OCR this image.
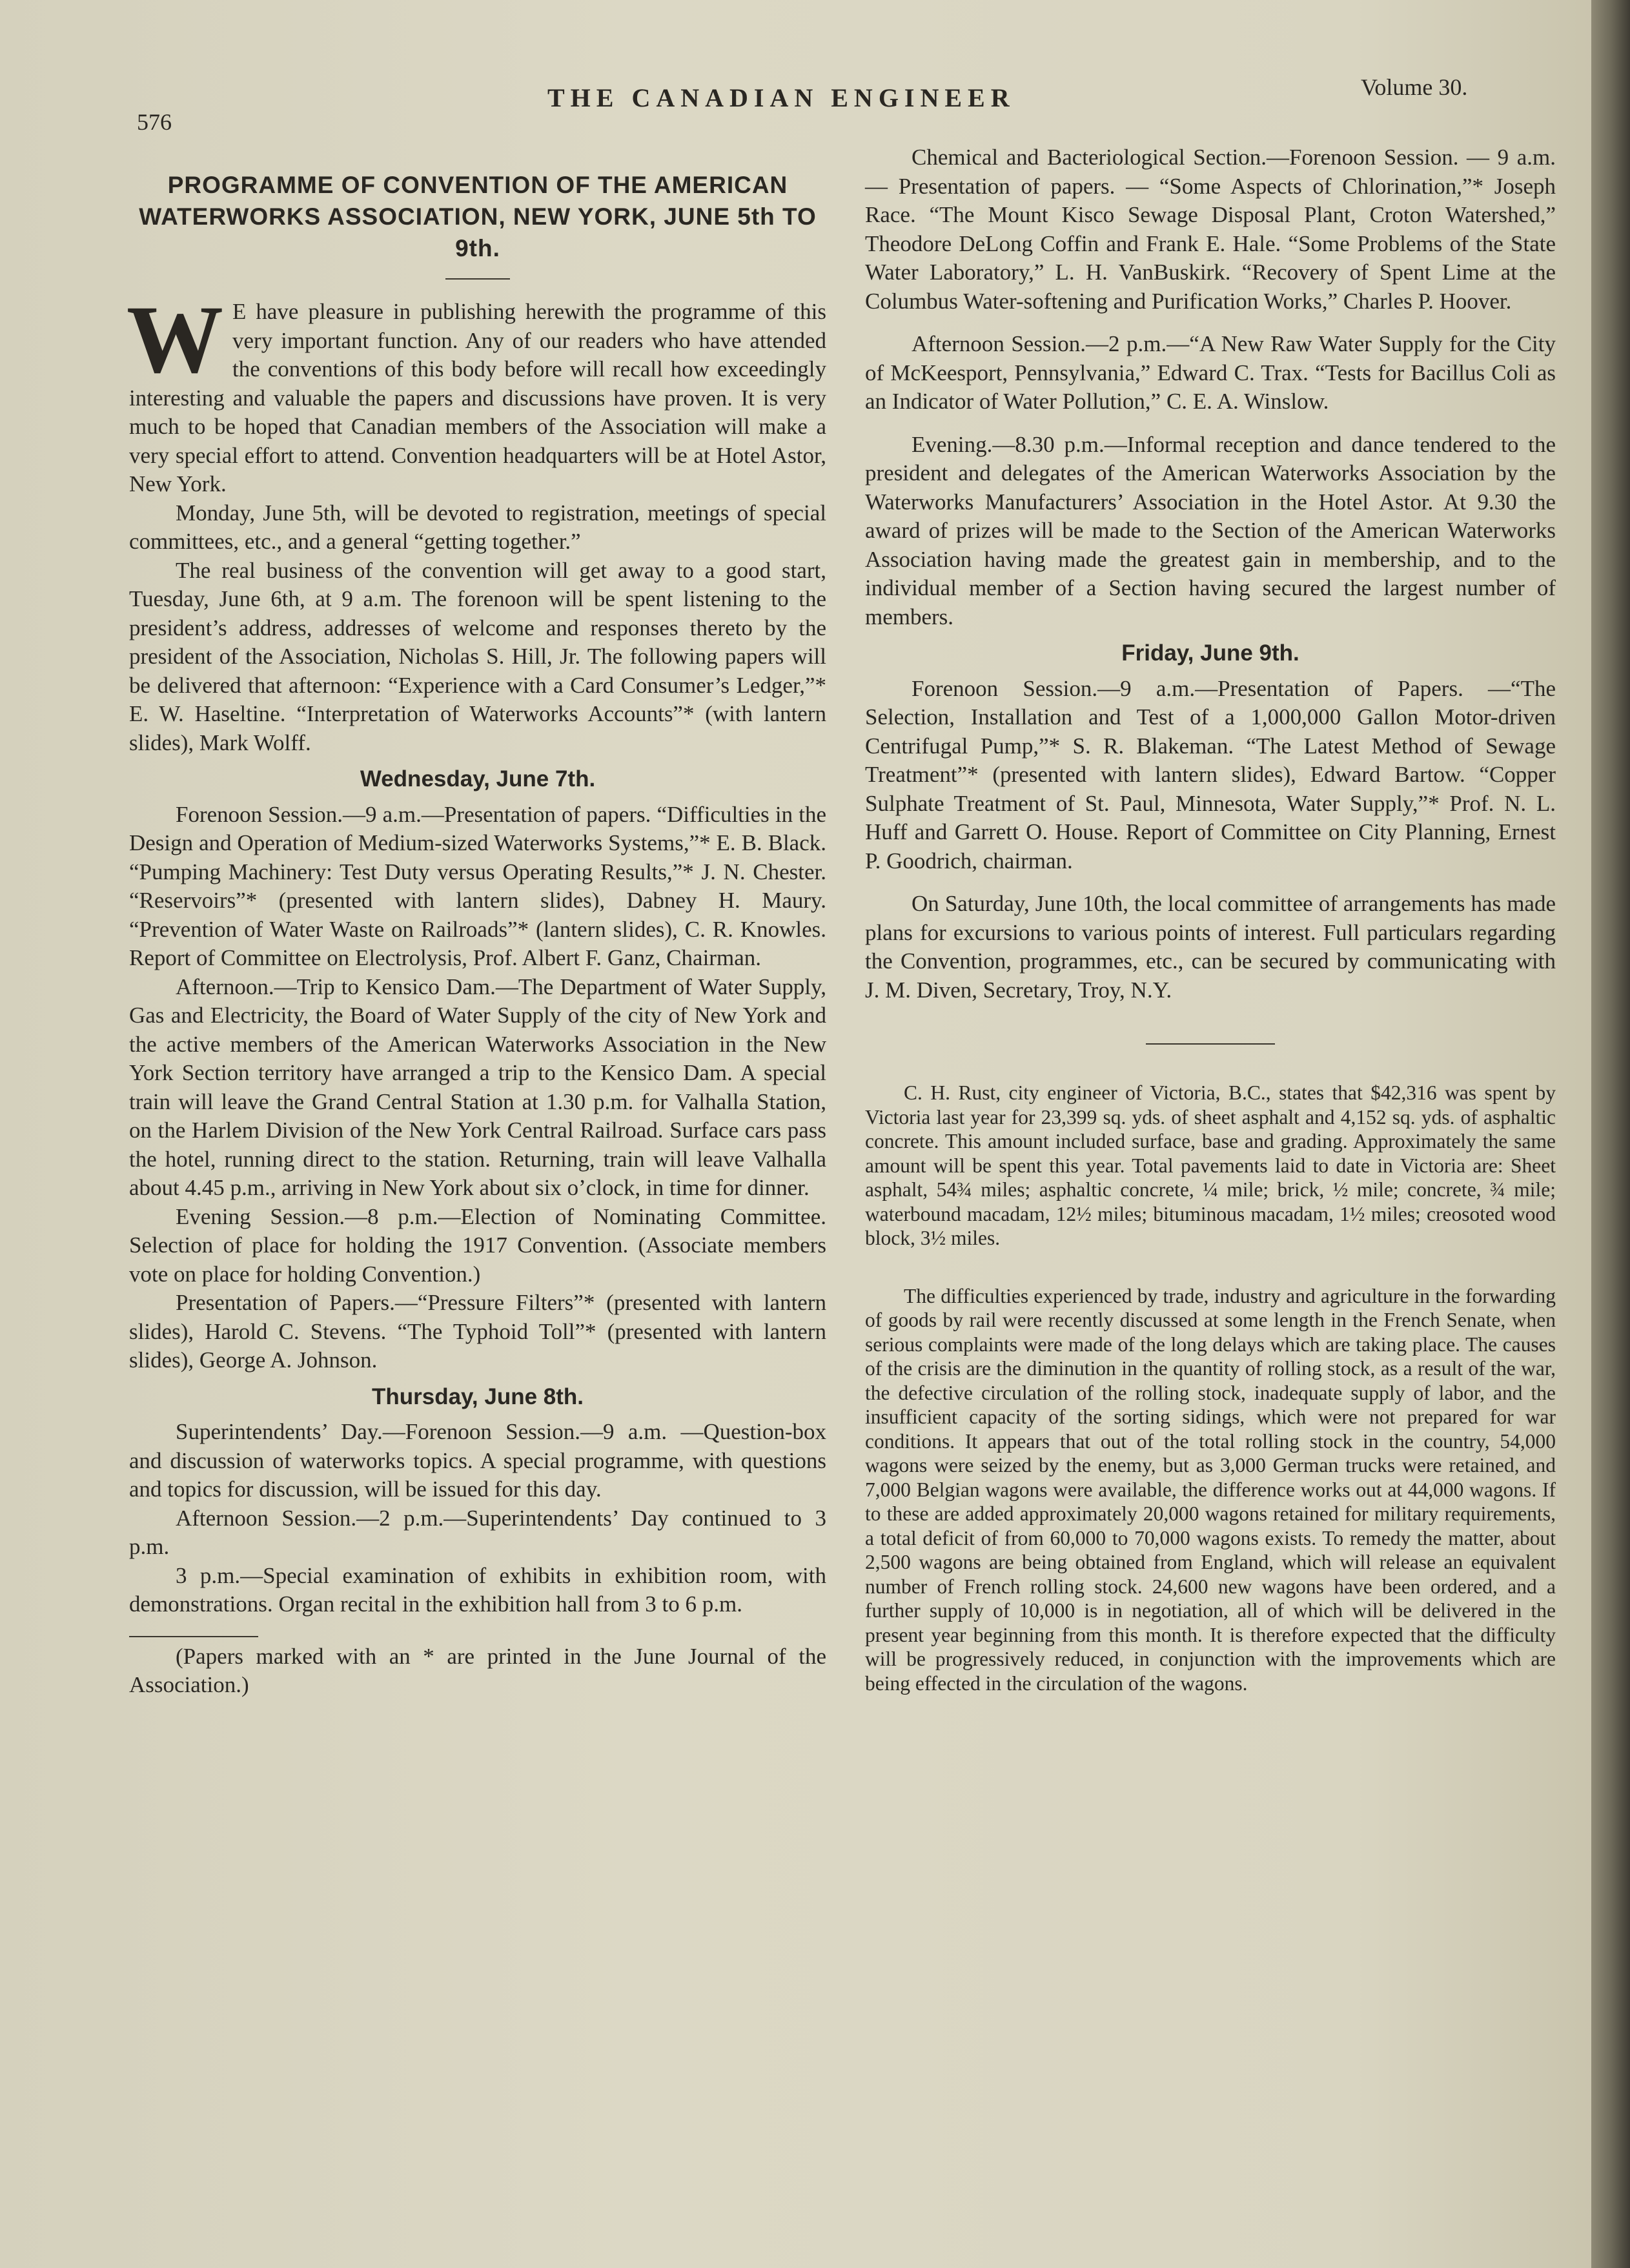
576
THE CANADIAN ENGINEER	Volume 30.
PROGRAMME OF CONVENTION OF THE AMERICAN WATERWORKS ASSOCIATION, NEW YORK, JUNE 5th TO 9th.

W E have pleasure in publishing herewith the programme of this very important function. Any of our readers who have attended the conventions of this body before will recall how exceedingly interesting and valuable the papers and discussions have proven. It is very much to be hoped that Canadian members of the Association will make a very special effort to attend. Convention headquarters will be at Hotel Astor, New York.

Monday, June 5th, will be devoted to registration, meetings of special committees, etc., and a general “getting together.”

The real business of the convention will get away to a good start, Tuesday, June 6th, at 9 a.m. The forenoon will be spent listening to the president’s address, addresses of welcome and responses thereto by the president of the Association, Nicholas S. Hill, Jr. The following papers will be delivered that afternoon: “Experience with a Card Consumer’s Ledger,”* E. W. Haseltine. “Interpretation of Waterworks Accounts”* (with lantern slides), Mark Wolff.

Wednesday, June 7th.

Forenoon Session.—9 a.m.—Presentation of papers. “Difficulties in the Design and Operation of Medium-sized Waterworks Systems,”* E. B. Black. “Pumping Machinery: Test Duty versus Operating Results,”* J. N. Chester. “Reservoirs”* (presented with lantern slides), Dabney H. Maury. “Prevention of Water Waste on Railroads”* (lantern slides), C. R. Knowles. Report of Committee on Electrolysis, Prof. Albert F. Ganz, Chairman.

Afternoon.—Trip to Kensico Dam.—The Department of Water Supply, Gas and Electricity, the Board of Water Supply of the city of New York and the active members of the American Waterworks Association in the New York Section territory have arranged a trip to the Kensico Dam. A special train will leave the Grand Central Station at 1.30 p.m. for Valhalla Station, on the Harlem Division of the New York Central Railroad. Surface cars pass the hotel, running direct to the station. Returning, train will leave Valhalla about 4.45 p.m., arriving in New York about six o’clock, in time for dinner.

Evening Session.—8 p.m.—Election of Nominating Committee. Selection of place for holding the 1917 Convention. (Associate members vote on place for holding Convention.)

Presentation of Papers.—“Pressure Filters”* (presented with lantern slides), Harold C. Stevens. “The Typhoid Toll”* (presented with lantern slides), George A. Johnson.

Thursday, June 8th.

Superintendents’ Day.—Forenoon Session.—9 a.m. —Question-box and discussion of waterworks topics. A special programme, with questions and topics for discussion, will be issued for this day.

Afternoon Session.—2 p.m.—Superintendents’ Day continued to 3 p.m.

3 p.m.—Special examination of exhibits in exhibition room, with demonstrations. Organ recital in the exhibition hall from 3 to 6 p.m.

(Papers marked with an * are printed in the June Journal of the Association.)

Chemical and Bacteriological Section.—Forenoon Session. — 9 a.m. — Presentation of papers. — “Some Aspects of Chlorination,”* Joseph Race. “The Mount Kisco Sewage Disposal Plant, Croton Watershed,” Theodore DeLong Coffin and Frank E. Hale. “Some Problems of the State Water Laboratory,” L. H. VanBuskirk. “Recovery of Spent Lime at the Columbus Water-softening and Purification Works,” Charles P. Hoover.

Afternoon Session.—2 p.m.—“A New Raw Water Supply for the City of McKeesport, Pennsylvania,” Edward C. Trax. “Tests for Bacillus Coli as an Indicator of Water Pollution,” C. E. A. Winslow.

Evening.—8.30 p.m.—Informal reception and dance tendered to the president and delegates of the American Waterworks Association by the Waterworks Manufacturers’ Association in the Hotel Astor. At 9.30 the award of prizes will be made to the Section of the American Waterworks Association having made the greatest gain in membership, and to the individual member of a Section having secured the largest number of members.

Friday, June 9th.

Forenoon Session.—9 a.m.—Presentation of Papers. —“The Selection, Installation and Test of a 1,000,000 Gallon Motor-driven Centrifugal Pump,”* S. R. Blakeman. “The Latest Method of Sewage Treatment”* (presented with lantern slides), Edward Bartow. “Copper Sulphate Treatment of St. Paul, Minnesota, Water Supply,”* Prof. N. L. Huff and Garrett O. House. Report of Committee on City Planning, Ernest P. Goodrich, chairman.

On Saturday, June 10th, the local committee of arrangements has made plans for excursions to various points of interest. Full particulars regarding the Convention, programmes, etc., can be secured by communicating with J. M. Diven, Secretary, Troy, N.Y.

C. H. Rust, city engineer of Victoria, B.C., states that $42,316 was spent by Victoria last year for 23,399 sq. yds. of sheet asphalt and 4,152 sq. yds. of asphaltic concrete. This amount included surface, base and grading. Approximately the same amount will be spent this year. Total pavements laid to date in Victoria are: Sheet asphalt, 54¾ miles; asphaltic concrete, ¼ mile; brick, ½ mile; concrete, ¾ mile; waterbound macadam, 12½ miles; bituminous macadam, 1½ miles; creosoted wood block, 3½ miles.

The difficulties experienced by trade, industry and agriculture in the forwarding of goods by rail were recently discussed at some length in the French Senate, when serious complaints were made of the long delays which are taking place. The causes of the crisis are the diminution in the quantity of rolling stock, as a result of the war, the defective circulation of the rolling stock, inadequate supply of labor, and the insufficient capacity of the sorting sidings, which were not prepared for war conditions. It appears that out of the total rolling stock in the country, 54,000 wagons were seized by the enemy, but as 3,000 German trucks were retained, and 7,000 Belgian wagons were available, the difference works out at 44,000 wagons. If to these are added approximately 20,000 wagons retained for military requirements, a total deficit of from 60,000 to 70,000 wagons exists. To remedy the matter, about 2,500 wagons are being obtained from England, which will release an equivalent number of French rolling stock. 24,600 new wagons have been ordered, and a further supply of 10,000 is in negotiation, all of which will be delivered in the present year beginning from this month. It is therefore expected that the difficulty will be progressively reduced, in conjunction with the improvements which are being effected in the circulation of the wagons.
